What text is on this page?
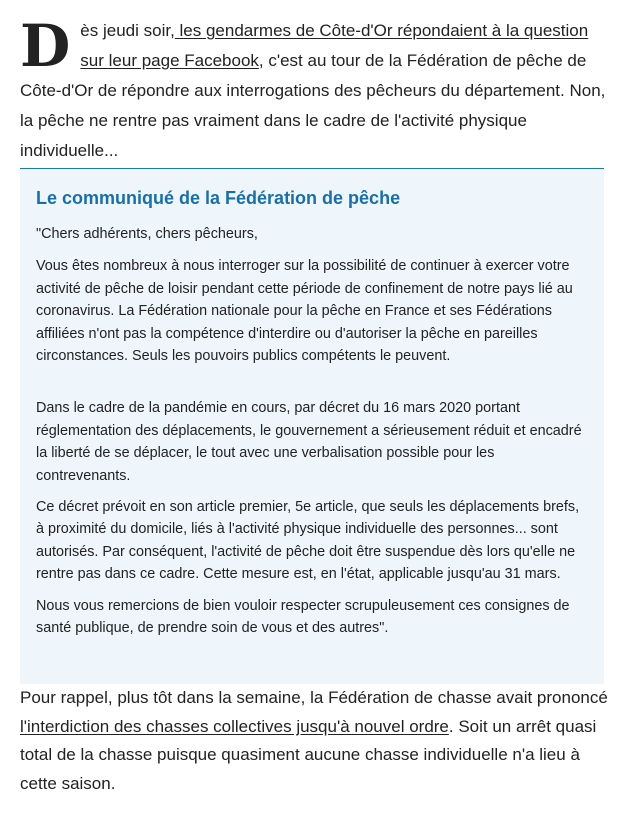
Dès jeudi soir, les gendarmes de Côte-d'Or répondaient à la question sur leur page Facebook, c'est au tour de la Fédération de pêche de Côte-d'Or de répondre aux interrogations des pêcheurs du département. Non, la pêche ne rentre pas vraiment dans le cadre de l'activité physique individuelle...

Le communiqué de la Fédération de pêche

"Chers adhérents, chers pêcheurs,

Vous êtes nombreux à nous interroger sur la possibilité de continuer à exercer votre activité de pêche de loisir pendant cette période de confinement de notre pays lié au coronavirus. La Fédération nationale pour la pêche en France et ses Fédérations affiliées n'ont pas la compétence d'interdire ou d'autoriser la pêche en pareilles circonstances. Seuls les pouvoirs publics compétents le peuvent.

Dans le cadre de la pandémie en cours, par décret du 16 mars 2020 portant réglementation des déplacements, le gouvernement a sérieusement réduit et encadré la liberté de se déplacer, le tout avec une verbalisation possible pour les contrevenants.

Ce décret prévoit en son article premier, 5e article, que seuls les déplacements brefs, à proximité du domicile, liés à l'activité physique individuelle des personnes... sont autorisés. Par conséquent, l'activité de pêche doit être suspendue dès lors qu'elle ne rentre pas dans ce cadre. Cette mesure est, en l'état, applicable jusqu'au 31 mars.

Nous vous remercions de bien vouloir respecter scrupuleusement ces consignes de santé publique, de prendre soin de vous et des autres".

Pour rappel, plus tôt dans la semaine, la Fédération de chasse avait prononcé l'interdiction des chasses collectives jusqu'à nouvel ordre. Soit un arrêt quasi total de la chasse puisque quasiment aucune chasse individuelle n'a lieu à cette saison.
